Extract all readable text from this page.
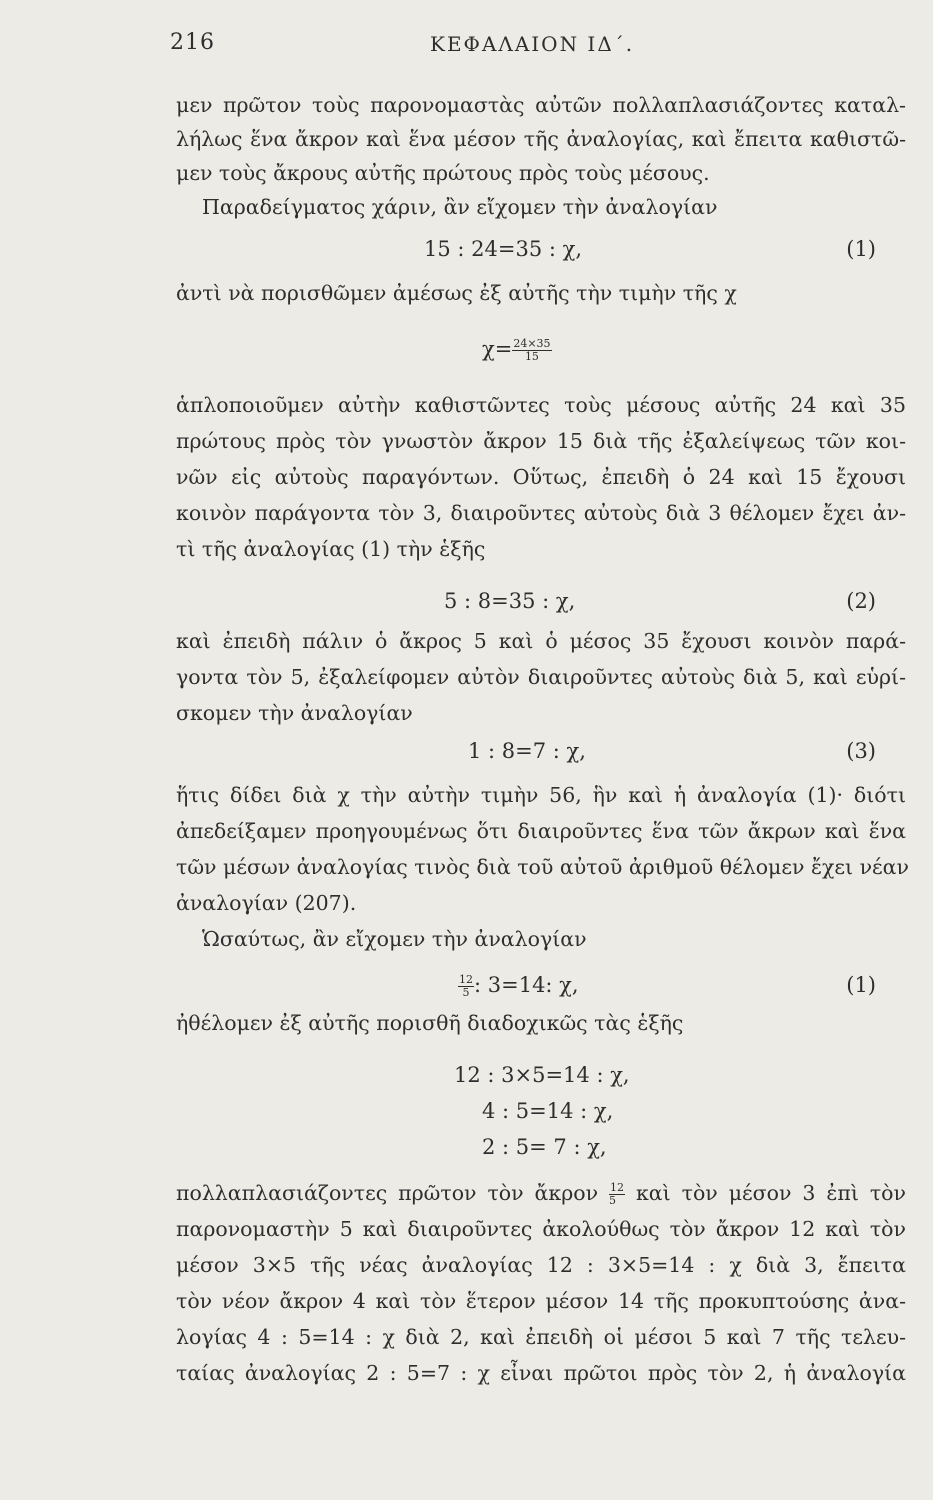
216	ΚΕΦΑΛΑΙΟΝ ΙΔ΄.
μεν πρῶτον τοὺς παρονομαστὰς αὐτῶν πολλαπλασιάζοντες καταλ-
λήλως ἕνα ἄκρον καὶ ἕνα μέσον τῆς ἀναλογίας, καὶ ἔπειτα καθιστῶ-
μεν τοὺς ἄκρους αὐτῆς πρώτους πρὸς τοὺς μέσους.
Παραδείγματος χάριν, ἂν εἴχομεν τὴν ἀναλογίαν
15 : 24=35 : χ,	(1)
ἀντὶ νὰ πορισθῶμεν ἀμέσως ἐξ αὐτῆς τὴν τιμὴν τῆς χ
$\chi= \frac{24\times 35}{15}$
ἁπλοποιοῦμεν αὐτὴν καθιστῶντες τοὺς μέσους αὐτῆς 24 καὶ 35
πρώτους πρὸς τὸν γνωστὸν ἄκρον 15 διὰ τῆς ἐξαλείψεως τῶν κοι-
νῶν εἰς αὐτοὺς παραγόντων. Οὕτως, ἐπειδὴ ὁ 24 καὶ 15 ἔχουσι
κοινὸν παράγοντα τὸν 3, διαιροῦντες αὐτοὺς διὰ 3 θέλομεν ἔχει ἀν-
τὶ τῆς ἀναλογίας (1) τὴν ἑξῆς
5 : 8=35 : χ,	(2)
καὶ ἐπειδὴ πάλιν ὁ ἄκρος 5 καὶ ὁ μέσος 35 ἔχουσι κοινὸν παρά-
γοντα τὸν 5, ἐξαλείφομεν αὐτὸν διαιροῦντες αὐτοὺς διὰ 5, καὶ εὑρί-
σκομεν τὴν ἀναλογίαν
1 : 8=7 : χ,	(3)
ἥτις δίδει διὰ χ τὴν αὐτὴν τιμὴν 56, ἣν καὶ ἡ ἀναλογία (1)· διότι
ἀπεδείξαμεν προηγουμένως ὅτι διαιροῦντες ἕνα τῶν ἄκρων καὶ ἕνα
τῶν μέσων ἀναλογίας τινὸς διὰ τοῦ αὐτοῦ ἀριθμοῦ θέλομεν ἔχει νέαν
ἀναλογίαν (207).
Ὡσαύτως, ἂν εἴχομεν τὴν ἀναλογίαν
$\frac{12}{5}$ : 3=14: χ,	(1)
ἠθέλομεν ἐξ αὐτῆς πορισθῆ διαδοχικῶς τὰς ἑξῆς
12 : 3×5=14 : χ,
4 : 5=14 : χ,
2 : 5= 7 : χ,
πολλαπλασιάζοντες πρῶτον τὸν ἄκρον $\frac{12}{5}$ καὶ τὸν μέσον 3 ἐπὶ τὸν
παρονομαστὴν 5 καὶ διαιροῦντες ἀκολούθως τὸν ἄκρον 12 καὶ τὸν
μέσον 3×5 τῆς νέας ἀναλογίας 12 : 3×5=14 : χ διὰ 3, ἔπειτα
τὸν νέον ἄκρον 4 καὶ τὸν ἕτερον μέσον 14 τῆς προκυπτούσης ἀνα-
λογίας 4 : 5=14 : χ διὰ 2, καὶ ἐπειδὴ οἱ μέσοι 5 καὶ 7 τῆς τελευ-
ταίας ἀναλογίας 2 : 5=7 : χ εἶναι πρῶτοι πρὸς τὸν 2, ἡ ἀναλογία
